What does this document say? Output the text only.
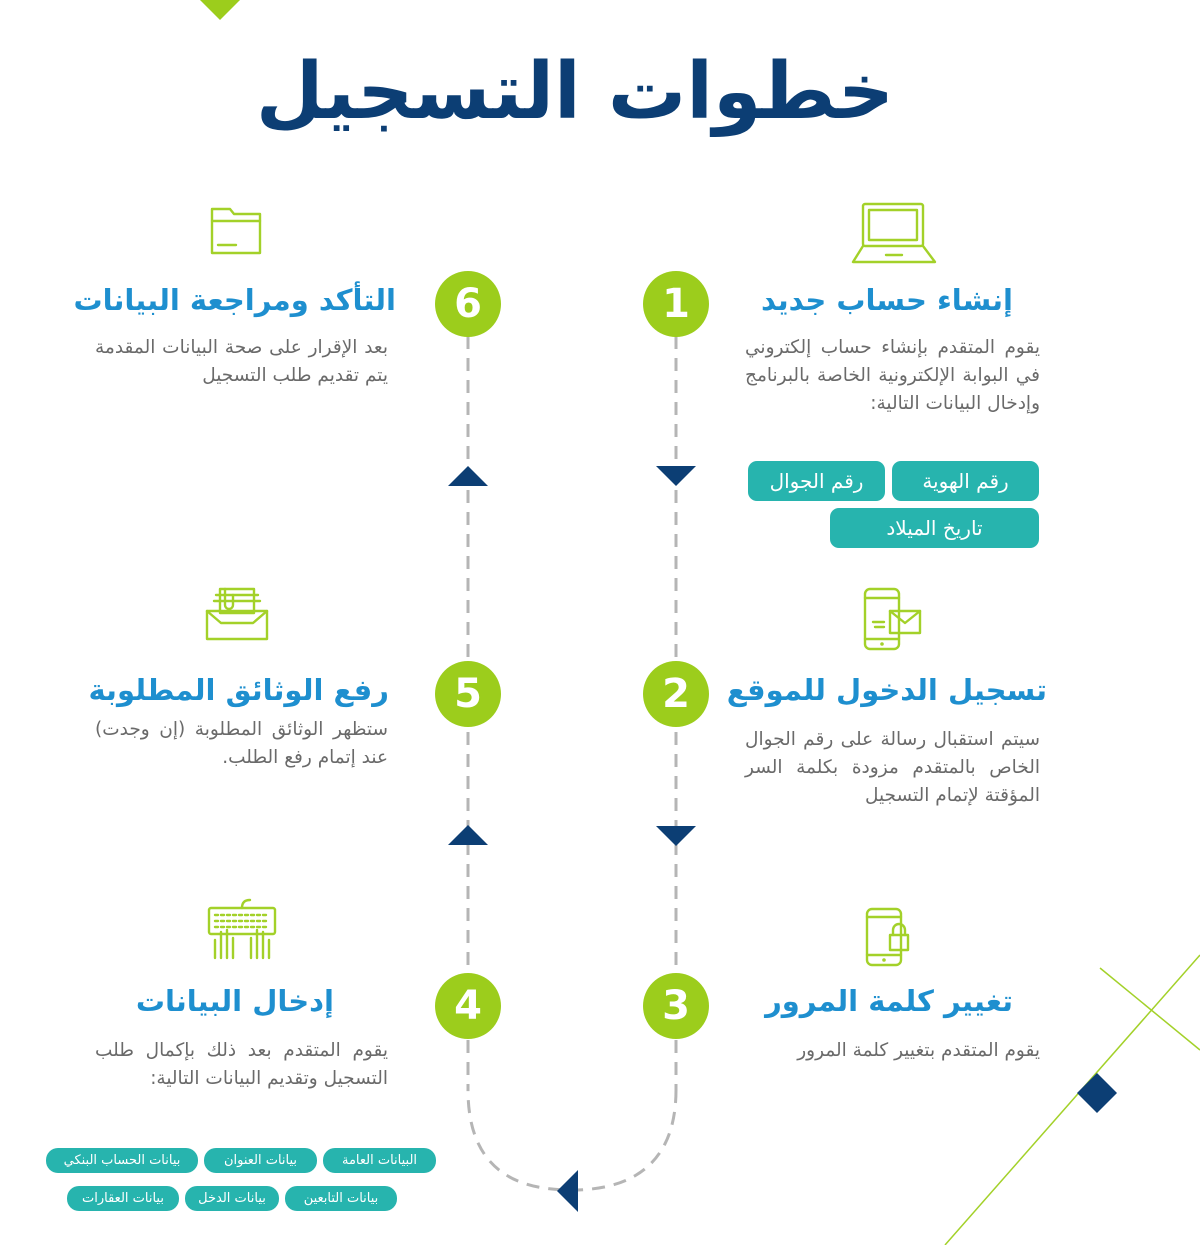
خطوات التسجيل
1	إنشاء حساب جديد
يقوم المتقدم بإنشاء حساب إلكتروني في البوابة الإلكترونية الخاصة بالبرنامج وإدخال البيانات التالية:
رقم الهوية
رقم الجوال
تاريخ الميلاد
2	تسجيل الدخول للموقع
سيتم استقبال رسالة على رقم الجوال الخاص بالمتقدم مزودة بكلمة السر المؤقتة لإتمام التسجيل
3	تغيير كلمة المرور
يقوم المتقدم بتغيير كلمة المرور
4
إدخال البيانات
يقوم المتقدم بعد ذلك بإكمال طلب التسجيل وتقديم البيانات التالية:
البيانات العامة
بيانات العنوان
بيانات الحساب البنكي
بيانات التابعين
بيانات الدخل
بيانات العقارات
5
رفع الوثائق المطلوبة
ستظهر الوثائق المطلوبة (إن وجدت) عند إتمام رفع الطلب.
6
التأكد ومراجعة البيانات
بعد الإقرار على صحة البيانات المقدمة يتم تقديم طلب التسجيل
